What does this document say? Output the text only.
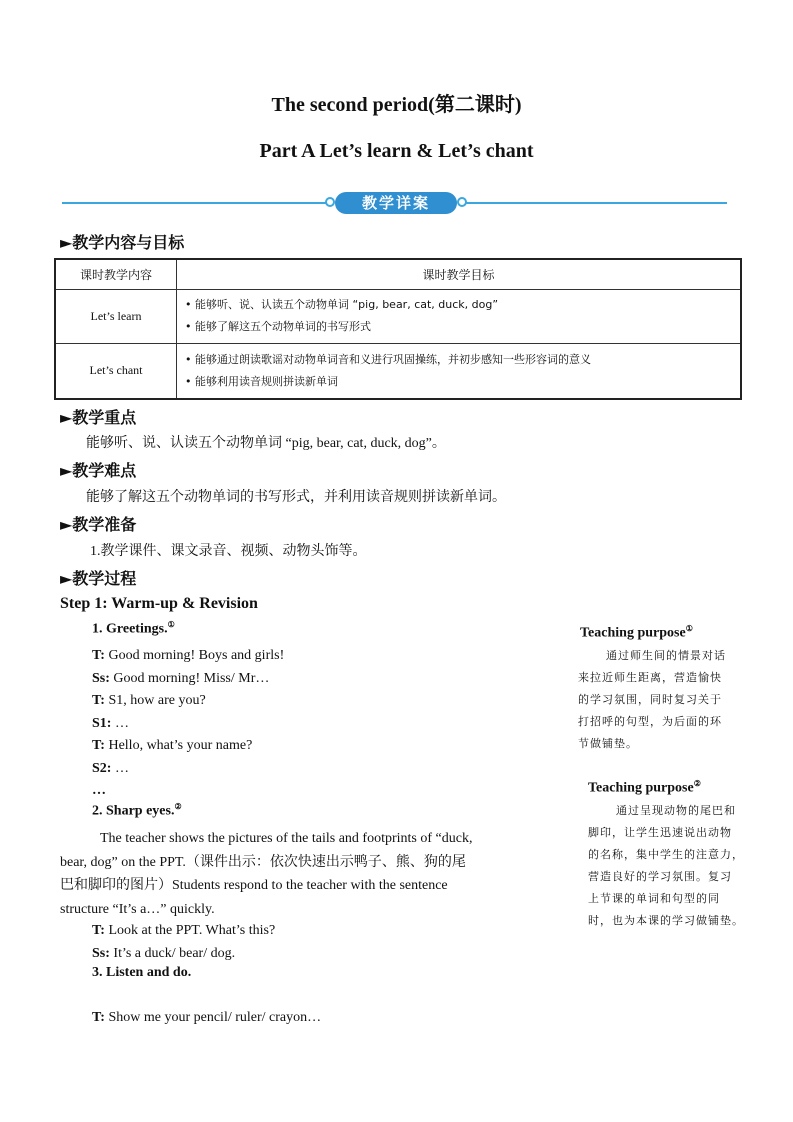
The second period(第二课时)
Part A Let’s learn & Let’s chant
教学详案
►教学内容与目标
课时教学内容	课时教学目标
Let’s learn	• 能够听、说、认读五个动物单词 “pig, bear, cat, duck, dog”
• 能够了解这五个动物单词的书写形式

Let’s chant	• 能够通过朗读歌谣对动物单词音和义进行巩固操练，并初步感知一些形容词的意义
• 能够利用读音规则拼读新单词
►教学重点
能够听、说、认读五个动物单词 “pig, bear, cat, duck, dog”。
►教学难点
能够了解这五个动物单词的书写形式，并利用读音规则拼读新单词。
►教学准备
1.教学课件、课文录音、视频、动物头饰等。
►教学过程
Step 1: Warm-up & Revision
1. Greetings.①
T: Good morning! Boys and girls!
Ss: Good morning! Miss/ Mr…
T: S1, how are you?
S1: …
T: Hello, what’s your name?
S2: …
…
2. Sharp eyes.②
The teacher shows the pictures of the tails and footprints of “duck,
bear, dog” on the PPT.（课件出示：依次快速出示鸭子、熊、狗的尾
巴和脚印的图片）Students respond to the teacher with the sentence
structure “It’s a…” quickly.
T: Look at the PPT. What’s this?
Ss: It’s a duck/ bear/ dog.
3. Listen and do.
T: Show me your pencil/ ruler/ crayon…
Teaching purpose①
通过师生间的情景对话
来拉近师生距离，营造愉快
的学习氛围，同时复习关于
打招呼的句型，为后面的环
节做铺垫。
Teaching purpose②
通过呈现动物的尾巴和
脚印，让学生迅速说出动物
的名称，集中学生的注意力，
营造良好的学习氛围。复习
上节课的单词和句型的同
时，也为本课的学习做铺垫。
